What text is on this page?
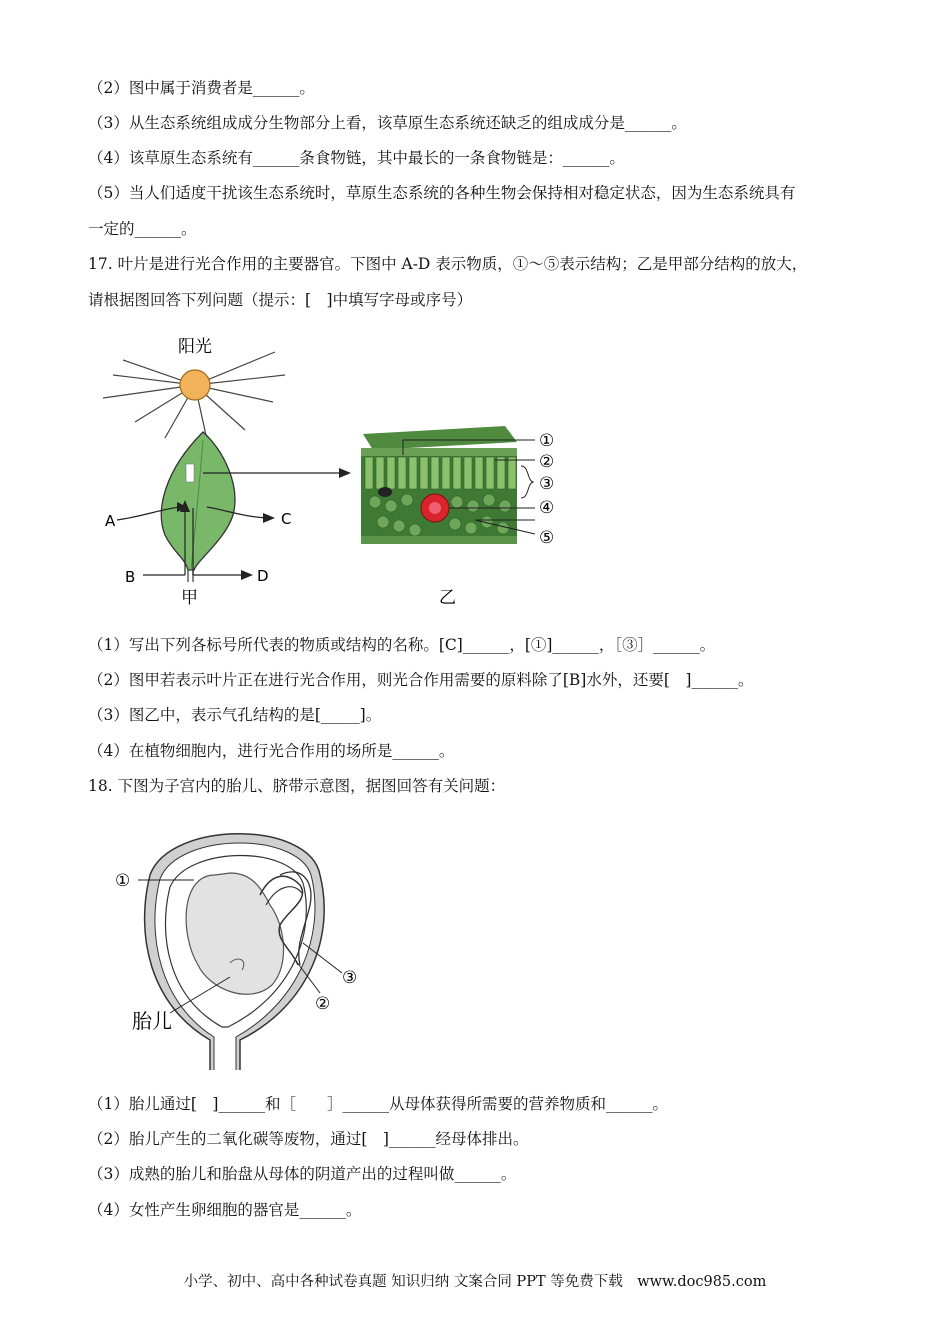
（2）图中属于消费者是______。
（3）从生态系统组成成分生物部分上看，该草原生态系统还缺乏的组成成分是______。
（4）该草原生态系统有______条食物链，其中最长的一条食物链是：______。
（5）当人们适度干扰该生态系统时，草原生态系统的各种生物会保持相对稳定状态，因为生态系统具有
一定的______。
17. 叶片是进行光合作用的主要器官。下图中 A-D 表示物质，①～⑤表示结构；乙是甲部分结构的放大，
请根据图回答下列问题（提示：[　]中填写字母或序号）
阳光
A	C
B	D
甲
①
②
③
④
⑤
乙
（1）写出下列各标号所代表的物质或结构的名称。[C]______，[①]______，［③］______。
（2）图甲若表示叶片正在进行光合作用，则光合作用需要的原料除了[B]水外，还要[　]______。
（3）图乙中，表示气孔结构的是[_____]。
（4）在植物细胞内，进行光合作用的场所是______。
18. 下图为子宫内的胎儿、脐带示意图，据图回答有关问题：
①
②
③
胎儿
（1）胎儿通过[　]______和［　　］______从母体获得所需要的营养物质和______。
（2）胎儿产生的二氧化碳等废物，通过[　]______经母体排出。
（3）成熟的胎儿和胎盘从母体的阴道产出的过程叫做______。
（4）女性产生卵细胞的器官是______。
小学、初中、高中各种试卷真题 知识归纳 文案合同 PPT 等免费下载　www.doc985.com
